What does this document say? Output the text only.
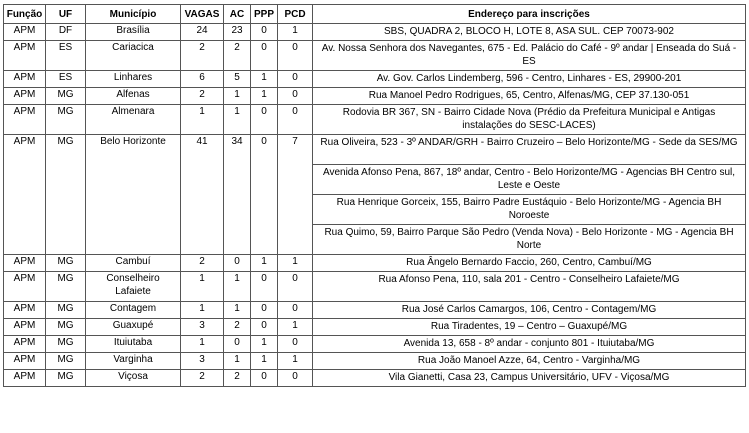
Função	UF	Município	VAGAS	AC	PPP	PCD	Endereço para inscrições
APM	DF	Brasília	24	23	0	1	SBS, QUADRA 2, BLOCO H, LOTE 8, ASA SUL. CEP 70073-902
APM	ES	Cariacica	2	2	0	0	Av. Nossa Senhora dos Navegantes, 675 - Ed. Palácio do Café - 9º andar | Enseada do Suá - ES
APM	ES	Linhares	6	5	1	0	Av. Gov. Carlos Lindemberg, 596 - Centro, Linhares - ES, 29900-201
APM	MG	Alfenas	2	1	1	0	Rua Manoel Pedro Rodrigues, 65, Centro, Alfenas/MG, CEP 37.130-051
APM	MG	Almenara	1	1	0	0	Rodovia BR 367, SN - Bairro Cidade Nova (Prédio da Prefeitura Municipal e Antigas instalações do SESC-LACES)
APM	MG	Belo Horizonte	41	34	0	7	Rua Oliveira, 523 - 3º ANDAR/GRH - Bairro Cruzeiro – Belo Horizonte/MG - Sede da SES/MG
							Avenida Afonso Pena, 867, 18º andar, Centro - Belo Horizonte/MG - Agencias BH Centro sul, Leste e Oeste
							Rua Henrique Gorceix, 155, Bairro Padre Eustáquio - Belo Horizonte/MG - Agencia BH Noroeste
							Rua Quimo, 59, Bairro Parque São Pedro (Venda Nova) - Belo Horizonte - MG - Agencia BH Norte
APM	MG	Cambuí	2	0	1	1	Rua Ângelo Bernardo Faccio, 260, Centro, Cambuí/MG
APM	MG	Conselheiro Lafaiete	1	1	0	0	Rua Afonso Pena, 110, sala 201 - Centro - Conselheiro Lafaiete/MG
APM	MG	Contagem	1	1	0	0	Rua José Carlos Camargos, 106, Centro - Contagem/MG
APM	MG	Guaxupé	3	2	0	1	Rua Tiradentes, 19 – Centro – Guaxupé/MG
APM	MG	Ituiutaba	1	0	1	0	Avenida 13, 658 - 8º andar - conjunto 801 - Ituiutaba/MG
APM	MG	Varginha	3	1	1	1	Rua João Manoel Azze, 64, Centro - Varginha/MG
APM	MG	Viçosa	2	2	0	0	Vila Gianetti, Casa 23, Campus Universitário, UFV - Viçosa/MG
